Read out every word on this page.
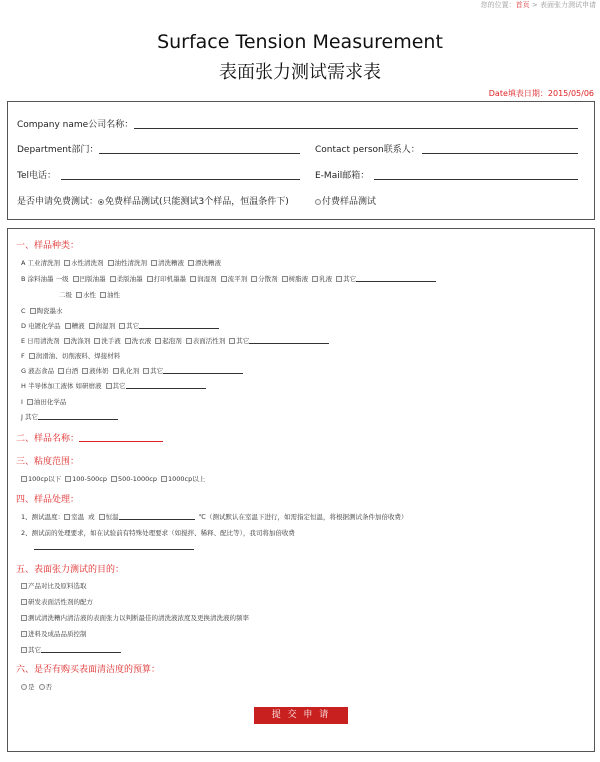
您的位置：首页 > 表面张力测试申请
Surface Tension Measurement
表面张力测试需求表
Date填表日期：2015/05/06
Company name公司名称：
Department部门：	Contact person联系人：
Tel电话：	E-Mail邮箱：
是否申请免费测试： 免费样品测试(只能测试3个样品，恒温条件下)	付费样品测试
一、样品种类：
A 工业清洗剂 水性清洗剂 油性清洗剂 清洗糟液 漂洗糟液
B 涂料油墨 一级 凹版油墨 柔版油墨 打印机墨墨 润湿剂 流平剂 分散剂 树脂液 乳液 其它
二级 水性 油性
C 陶瓷墨水
D 电镀化学品 糟液 润湿剂 其它
E 日用清洗剂 洗涤剂 洗手液 洗衣液 起泡剂 表面活性剂 其它
F 润滑油、切削液料、焊接材料
G 液态食品 白酒 液体奶 乳化剂 其它
H 半导体加工液体 如研磨液 其它
I 油田化学品
J 其它
二、样品名称：
三、粘度范围：
100cp以下 100-500cp 500-1000cp 1000cp以上
四、样品处理：
1、测试温度： 室温 或 恒温	℃（测试默认在室温下进行，如需指定恒温，将根据测试条件加倍收费）
2、测试前的处理要求，如在试验前有特殊处理要求（如搅拌、稀释、配比等），我司将加倍收费
五、表面张力测试的目的：
产品对比及原料选取
研发表面活性剂的配方
测试清洗糟内清洁液的表面张力以判断最佳的清洗液浓度及更换清洗液的频率
进料及成品品质控制
其它
六、是否有购买表面清洁度的预算：
是 否
提 交 申 请
